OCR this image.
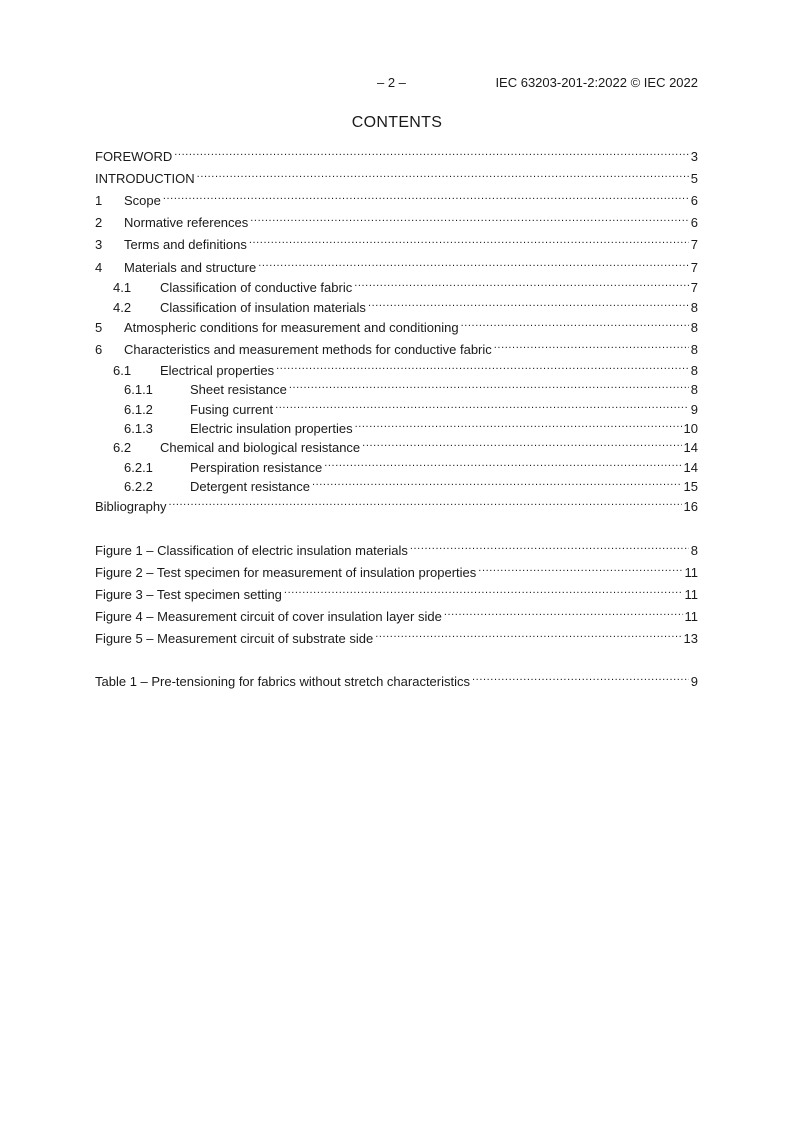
– 2 –	IEC 63203-201-2:2022 © IEC 2022
CONTENTS
FOREWORD .....	3
INTRODUCTION .....	5
1	Scope .....	6
2	Normative references .....	6
3	Terms and definitions .....	7
4	Materials and structure .....	7
4.1	Classification of conductive fabric .....	7
4.2	Classification of insulation materials .....	8
5	Atmospheric conditions for measurement and conditioning .....	8
6	Characteristics and measurement methods for conductive fabric .....	8
6.1	Electrical properties .....	8
6.1.1	Sheet resistance .....	8
6.1.2	Fusing current .....	9
6.1.3	Electric insulation properties .....	10
6.2	Chemical and biological resistance .....	14
6.2.1	Perspiration resistance .....	14
6.2.2	Detergent resistance .....	15
Bibliography .....	16
Figure 1 – Classification of electric insulation materials .....	8
Figure 2 – Test specimen for measurement of insulation properties .....	11
Figure 3 – Test specimen setting .....	11
Figure 4 – Measurement circuit of cover insulation layer side .....	11
Figure 5 – Measurement circuit of substrate side .....	13
Table 1 – Pre-tensioning for fabrics without stretch characteristics .....	9
